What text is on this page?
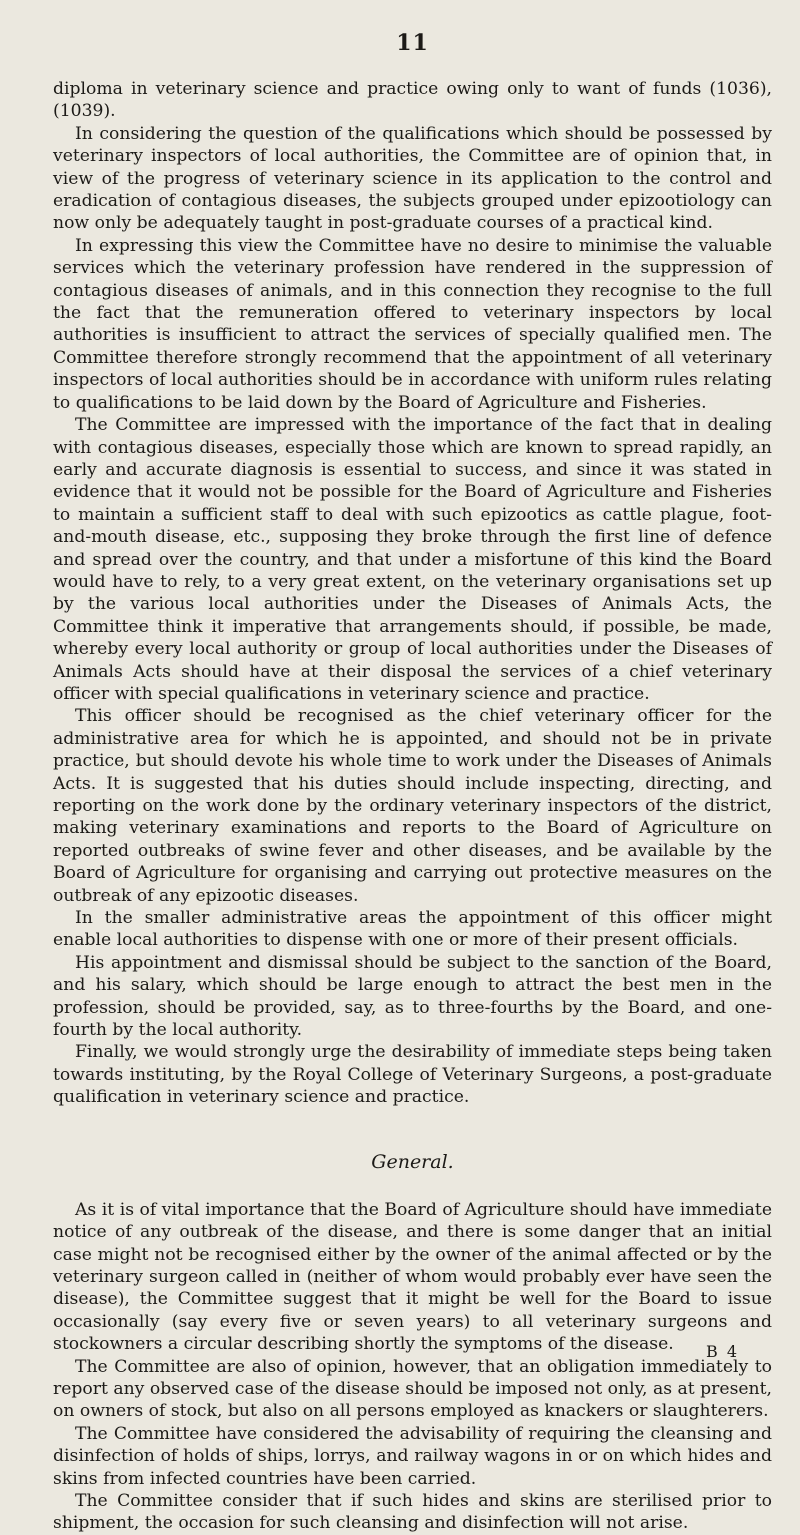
11

diploma in veterinary science and practice owing only to want of funds (1036), (1039).

In considering the question of the qualifications which should be possessed by veterinary inspectors of local authorities, the Committee are of opinion that, in view of the progress of veterinary science in its application to the control and eradication of contagious diseases, the subjects grouped under epizootiology can now only be adequately taught in post-graduate courses of a practical kind.

In expressing this view the Committee have no desire to minimise the valuable services which the veterinary profession have rendered in the suppression of contagious diseases of animals, and in this connection they recognise to the full the fact that the remuneration offered to veterinary inspectors by local authorities is insufficient to attract the services of specially qualified men. The Committee therefore strongly recommend that the appointment of all veterinary inspectors of local authorities should be in accordance with uniform rules relating to qualifications to be laid down by the Board of Agriculture and Fisheries.

The Committee are impressed with the importance of the fact that in dealing with contagious diseases, especially those which are known to spread rapidly, an early and accurate diagnosis is essential to success, and since it was stated in evidence that it would not be possible for the Board of Agriculture and Fisheries to maintain a sufficient staff to deal with such epizootics as cattle plague, foot-and-mouth disease, etc., supposing they broke through the first line of defence and spread over the country, and that under a misfortune of this kind the Board would have to rely, to a very great extent, on the veterinary organisations set up by the various local authorities under the Diseases of Animals Acts, the Committee think it imperative that arrangements should, if possible, be made, whereby every local authority or group of local authorities under the Diseases of Animals Acts should have at their disposal the services of a chief veterinary officer with special qualifications in veterinary science and practice.

This officer should be recognised as the chief veterinary officer for the administrative area for which he is appointed, and should not be in private practice, but should devote his whole time to work under the Diseases of Animals Acts. It is suggested that his duties should include inspecting, directing, and reporting on the work done by the ordinary veterinary inspectors of the district, making veterinary examinations and reports to the Board of Agriculture on reported outbreaks of swine fever and other diseases, and be available by the Board of Agriculture for organising and carrying out protective measures on the outbreak of any epizootic diseases.

In the smaller administrative areas the appointment of this officer might enable local authorities to dispense with one or more of their present officials.

His appointment and dismissal should be subject to the sanction of the Board, and his salary, which should be large enough to attract the best men in the profession, should be provided, say, as to three-fourths by the Board, and one-fourth by the local authority.

Finally, we would strongly urge the desirability of immediate steps being taken towards instituting, by the Royal College of Veterinary Surgeons, a post-graduate qualification in veterinary science and practice.

General.

As it is of vital importance that the Board of Agriculture should have immediate notice of any outbreak of the disease, and there is some danger that an initial case might not be recognised either by the owner of the animal affected or by the veterinary surgeon called in (neither of whom would probably ever have seen the disease), the Committee suggest that it might be well for the Board to issue occasionally (say every five or seven years) to all veterinary surgeons and stockowners a circular describing shortly the symptoms of the disease.

The Committee are also of opinion, however, that an obligation immediately to report any observed case of the disease should be imposed not only, as at present, on owners of stock, but also on all persons employed as knackers or slaughterers.

The Committee have considered the advisability of requiring the cleansing and disinfection of holds of ships, lorrys, and railway wagons in or on which hides and skins from infected countries have been carried.

The Committee consider that if such hides and skins are sterilised prior to shipment, the occasion for such cleansing and disinfection will not arise.

B 4
